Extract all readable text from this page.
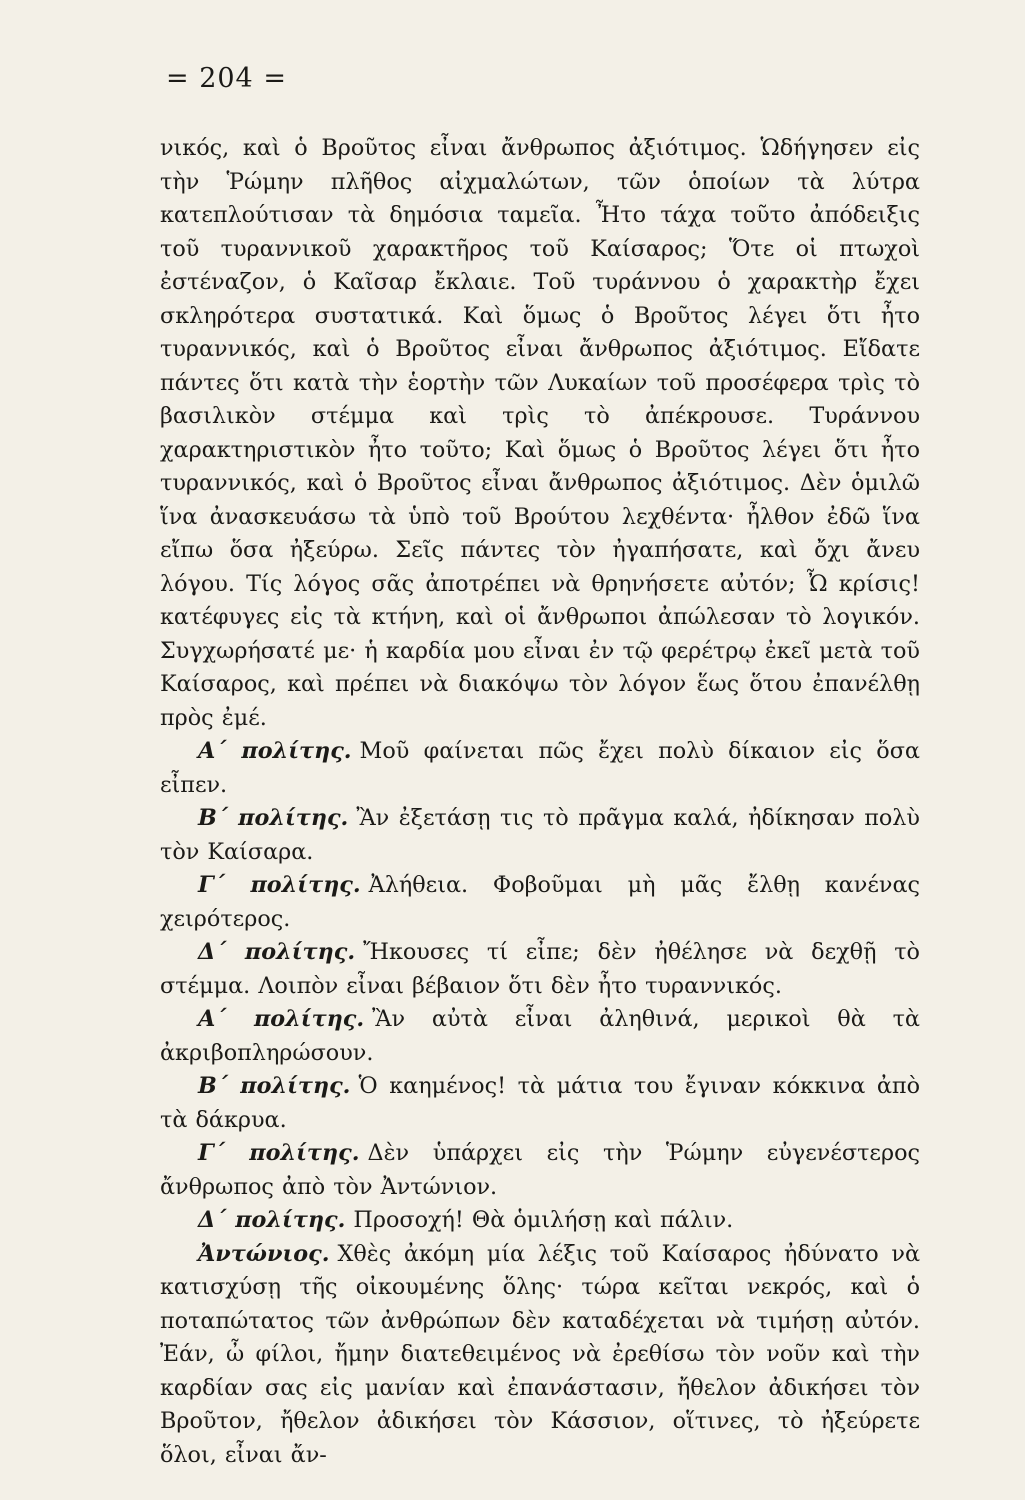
= 204 =

νικός, καὶ ὁ Βροῦτος εἶναι ἄνθρωπος ἀξιότιμος. Ὡδήγησεν εἰς τὴν Ῥώμην πλῆθος αἰχμαλώτων, τῶν ὁποίων τὰ λύτρα κατεπλούτισαν τὰ δημόσια ταμεῖα. Ἦτο τάχα τοῦτο ἀπόδειξις τοῦ τυραννικοῦ χαρακτῆρος τοῦ Καίσαρος; Ὅτε οἱ πτωχοὶ ἐστέναζον, ὁ Καῖσαρ ἔκλαιε. Τοῦ τυράννου ὁ χαρακτὴρ ἔχει σκληρότερα συστατικά. Καὶ ὅμως ὁ Βροῦτος λέγει ὅτι ἦτο τυραννικός, καὶ ὁ Βροῦτος εἶναι ἄνθρωπος ἀξιότιμος. Εἴδατε πάντες ὅτι κατὰ τὴν ἑορτὴν τῶν Λυκαίων τοῦ προσέφερα τρὶς τὸ βασιλικὸν στέμμα καὶ τρὶς τὸ ἀπέκρουσε. Τυράννου χαρακτηριστικὸν ἦτο τοῦτο; Καὶ ὅμως ὁ Βροῦτος λέγει ὅτι ἦτο τυραννικός, καὶ ὁ Βροῦτος εἶναι ἄνθρωπος ἀξιότιμος. Δὲν ὁμιλῶ ἵνα ἀνασκευάσω τὰ ὑπὸ τοῦ Βρούτου λεχθέντα· ἦλθον ἐδῶ ἵνα εἴπω ὅσα ἠξεύρω. Σεῖς πάντες τὸν ἠγαπήσατε, καὶ ὄχι ἄνευ λόγου. Τίς λόγος σᾶς ἀποτρέπει νὰ θρηνήσετε αὐτόν; Ὦ κρίσις! κατέφυγες εἰς τὰ κτήνη, καὶ οἱ ἄνθρωποι ἀπώλεσαν τὸ λογικόν. Συγχωρήσατέ με· ἡ καρδία μου εἶναι ἐν τῷ φερέτρῳ ἐκεῖ μετὰ τοῦ Καίσαρος, καὶ πρέπει νὰ διακόψω τὸν λόγον ἕως ὅτου ἐπανέλθῃ πρὸς ἐμέ.

Α΄ πολίτης. Μοῦ φαίνεται πῶς ἔχει πολὺ δίκαιον εἰς ὅσα εἶπεν.

Β΄ πολίτης. Ἂν ἐξετάσῃ τις τὸ πρᾶγμα καλά, ἠδίκησαν πολὺ τὸν Καίσαρα.

Γ΄ πολίτης. Ἀλήθεια. Φοβοῦμαι μὴ μᾶς ἔλθῃ κανένας χειρότερος.

Δ΄ πολίτης. Ἤκουσες τί εἶπε; δὲν ἠθέλησε νὰ δεχθῇ τὸ στέμμα. Λοιπὸν εἶναι βέβαιον ὅτι δὲν ἦτο τυραννικός.

Α΄ πολίτης. Ἂν αὐτὰ εἶναι ἀληθινά, μερικοὶ θὰ τὰ ἀκριβοπληρώσουν.

Β΄ πολίτης. Ὁ καημένος! τὰ μάτια του ἔγιναν κόκκινα ἀπὸ τὰ δάκρυα.

Γ΄ πολίτης. Δὲν ὑπάρχει εἰς τὴν Ῥώμην εὐγενέστερος ἄνθρωπος ἀπὸ τὸν Ἀντώνιον.

Δ΄ πολίτης. Προσοχή! Θὰ ὁμιλήσῃ καὶ πάλιν.

Ἀντώνιος. Χθὲς ἀκόμη μία λέξις τοῦ Καίσαρος ἠδύνατο νὰ κατισχύσῃ τῆς οἰκουμένης ὅλης· τώρα κεῖται νεκρός, καὶ ὁ ποταπώτατος τῶν ἀνθρώπων δὲν καταδέχεται νὰ τιμήσῃ αὐτόν. Ἐάν, ὦ φίλοι, ἤμην διατεθειμένος νὰ ἐρεθίσω τὸν νοῦν καὶ τὴν καρδίαν σας εἰς μανίαν καὶ ἐπανάστασιν, ἤθελον ἀδικήσει τὸν Βροῦτον, ἤθελον ἀδικήσει τὸν Κάσσιον, οἵτινες, τὸ ἠξεύρετε ὅλοι, εἶναι ἄν-
